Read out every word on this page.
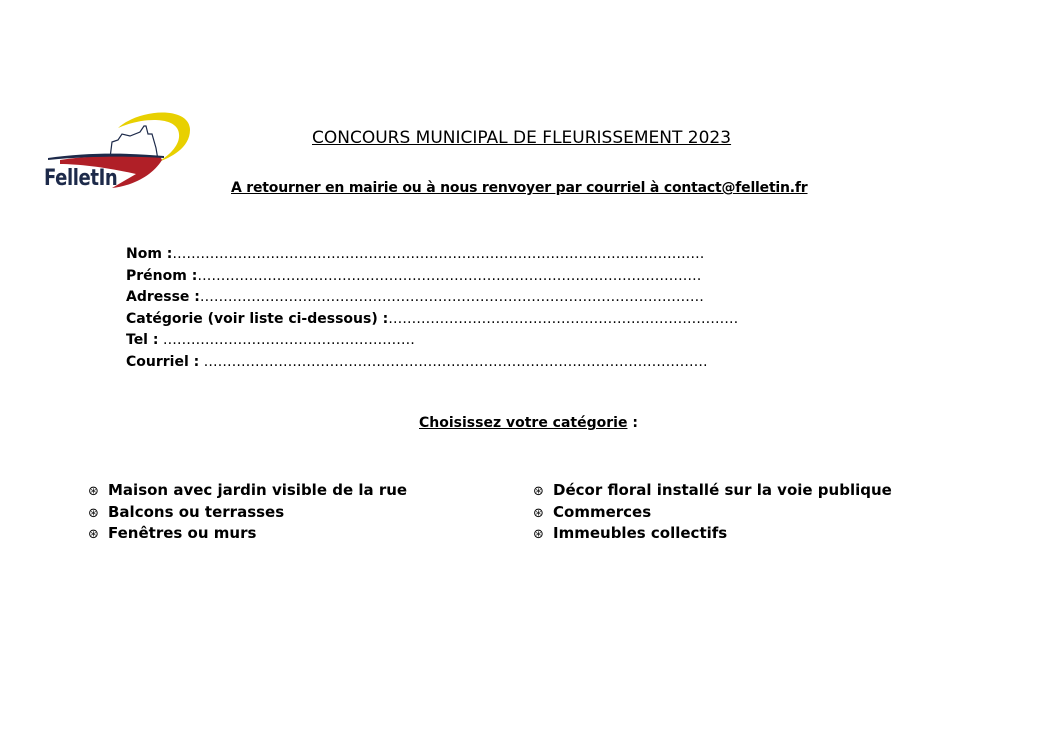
FelletIn
CONCOURS MUNICIPAL DE FLEURISSEMENT 2023

A retourner en mairie ou à nous renvoyer par courriel à contact@felletin.fr

Nom :……………………………………………………………………………………………………
Prénom :………………………………………………………………………………………………
Adresse :………………………………………………………………………………………………
Catégorie (voir liste ci-dessous) :…………………………………………………………………
Tel : ………………………………………………
Courriel : ………………………………………………………………………………………………
Choisissez votre catégorie :
⊛ Maison avec jardin visible de la rue
⊛ Balcons ou terrasses
⊛ Fenêtres ou murs
⊛ Décor floral installé sur la voie publique
⊛ Commerces
⊛ Immeubles collectifs
